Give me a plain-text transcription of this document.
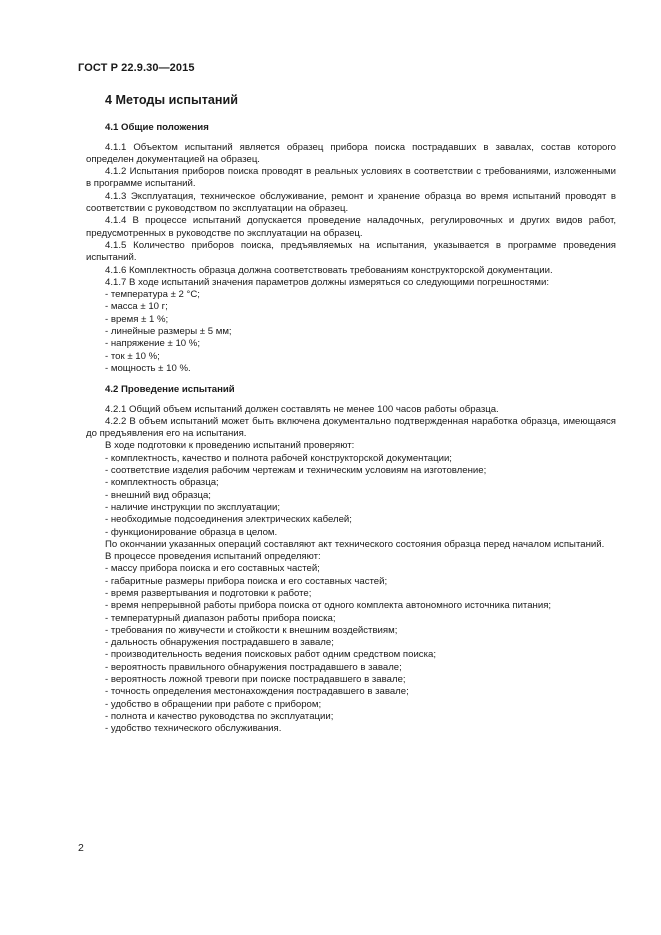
ГОСТ Р 22.9.30—2015
4 Методы испытаний
4.1 Общие положения

4.1.1 Объектом испытаний является образец прибора поиска пострадавших в завалах, состав которого определен документацией на образец.

4.1.2 Испытания приборов поиска проводят в реальных условиях в соответствии с требованиями, изложенными в программе испытаний.

4.1.3 Эксплуатация, техническое обслуживание, ремонт и хранение образца во время испытаний проводят в соответствии с руководством по эксплуатации на образец.

4.1.4 В процессе испытаний допускается проведение наладочных, регулировочных и других видов работ, предусмотренных в руководстве по эксплуатации на образец.

4.1.5 Количество приборов поиска, предъявляемых на испытания, указывается в программе проведения испытаний.

4.1.6 Комплектность образца должна соответствовать требованиям конструкторской документации.

4.1.7 В ходе испытаний значения параметров должны измеряться со следующими погрешностями:

- температура ± 2 °С;

- масса ± 10 г;

- время ± 1 %;

- линейные размеры ± 5 мм;

- напряжение ± 10 %;

- ток ± 10 %;

- мощность ± 10 %.

4.2 Проведение испытаний

4.2.1 Общий объем испытаний должен составлять не менее 100 часов работы образца.

4.2.2 В объем испытаний может быть включена документально подтвержденная наработка образца, имеющаяся до предъявления его на испытания.

В ходе подготовки к проведению испытаний проверяют:

- комплектность, качество и полнота рабочей конструкторской документации;

- соответствие изделия рабочим чертежам и техническим условиям на изготовление;

- комплектность образца;

- внешний вид образца;

- наличие инструкции по эксплуатации;

- необходимые подсоединения электрических кабелей;

- функционирование образца в целом.

По окончании указанных операций составляют акт технического состояния образца перед началом испытаний.

В процессе проведения испытаний определяют:

- массу прибора поиска и его составных частей;

- габаритные размеры прибора поиска и его составных частей;

- время развертывания и подготовки к работе;

- время непрерывной работы прибора поиска от одного комплекта автономного источника питания;

- температурный диапазон работы прибора поиска;

- требования по живучести и стойкости к внешним воздействиям;

- дальность обнаружения пострадавшего в завале;

- производительность ведения поисковых работ одним средством поиска;

- вероятность правильного обнаружения пострадавшего в завале;

- вероятность ложной тревоги при поиске пострадавшего в завале;

- точность определения местонахождения пострадавшего в завале;

- удобство в обращении при работе с прибором;

- полнота и качество руководства по эксплуатации;

- удобство технического обслуживания.

2
